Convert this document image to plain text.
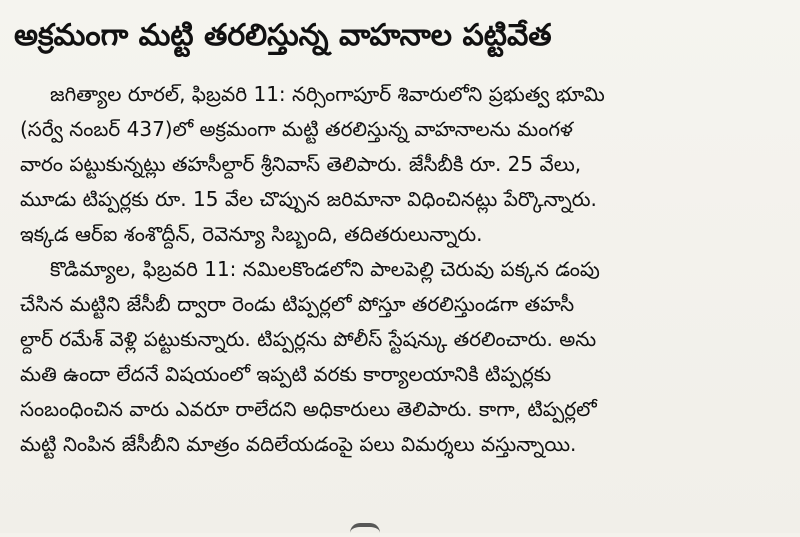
అక్రమంగా మట్టి తరలిస్తున్న వాహనాల పట్టివేత
జగిత్యాల రూరల్, ఫిబ్రవరి 11: నర్సింగాపూర్ శివారులోని ప్రభుత్వ భూమి
(సర్వే నంబర్ 437)లో అక్రమంగా మట్టి తరలిస్తున్న వాహనాలను మంగళ
వారం పట్టుకున్నట్లు తహసీల్దార్ శ్రీనివాస్ తెలిపారు. జేసీబీకి రూ. 25 వేలు,
మూడు టిప్పర్లకు రూ. 15 వేల చొప్పున జరిమానా విధించినట్లు పేర్కొన్నారు.
ఇక్కడ ఆర్ఐ శంశొద్దీన్, రెవెన్యూ సిబ్బంది, తదితరులున్నారు.
కొడిమ్యాల, ఫిబ్రవరి 11: నమిలకొండలోని పాలపెల్లి చెరువు పక్కన డంపు
చేసిన మట్టిని జేసీబీ ద్వారా రెండు టిప్పర్లలో పోస్తూ తరలిస్తుండగా తహసీ
ల్దార్ రమేశ్ వెళ్లి పట్టుకున్నారు. టిప్పర్లను పోలీస్ స్టేషన్కు తరలించారు. అను
మతి ఉందా లేదనే విషయంలో ఇప్పటి వరకు కార్యాలయానికి టిప్పర్లకు
సంబంధించిన వారు ఎవరూ రాలేదని అధికారులు తెలిపారు. కాగా, టిప్పర్లలో
మట్టి నింపిన జేసీబీని మాత్రం వదిలేయడంపై పలు విమర్శలు వస్తున్నాయి.
